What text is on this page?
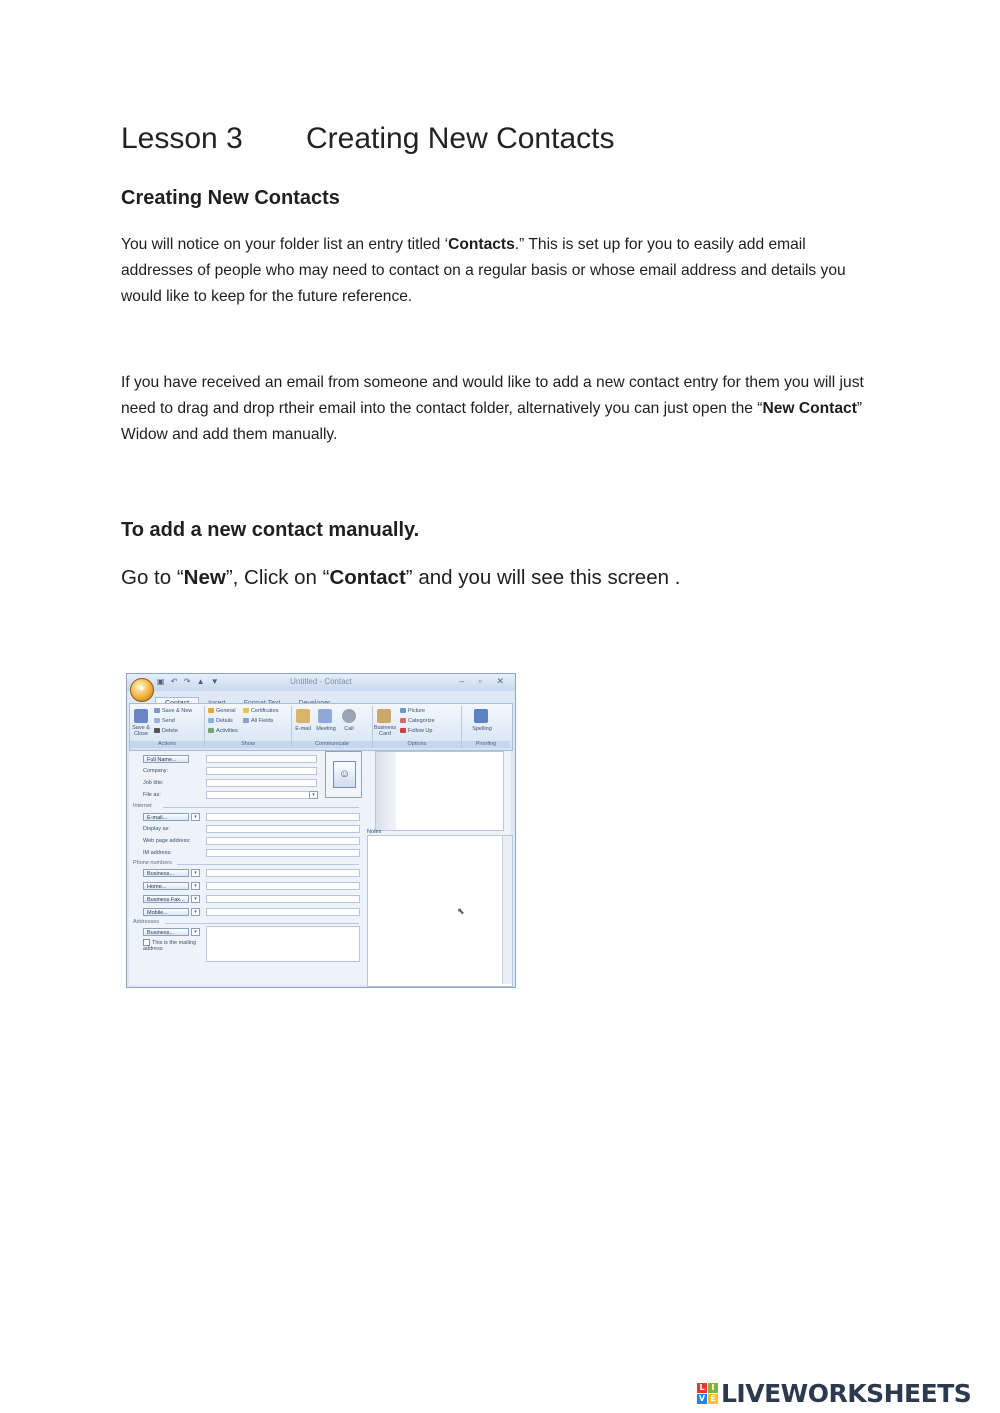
Lesson 3 Creating New Contacts
Creating New Contacts
You will notice on your folder list an entry titled ‘Contacts.” This is set up for you to easily add email addresses of people who may need to contact on a regular basis or whose email address and details you would like to keep for the future reference.
If you have received an email from someone and would like to add a new contact entry for them you will just need to drag and drop rtheir email into the contact folder, alternatively you can just open the “New Contact” Widow and add them manually.
To add a new contact manually.
Go to “New”, Click on “Contact” and you will see this screen .
✦
▣ ↶ ↷ ▲ ▼	Untitled - Contact	– ▫ ✕
Save & Close
Save & New
Send
Delete
Actions
General
Details
Activities
Certificates
All Fields
Show
E-mail Meeting	Call
Communicate
Business Card
Picture
Categorize
Follow Up
Options
Spelling
Proofing
Full Name...
Company:
Job title:
File as:	▾
☺
Internet
E-mail...	▾
Display as:
Web page address:
IM address:
Phone numbers
Business...	▾
Home...	▾
Business Fax...	▾
Mobile...	▾
Addresses
Business...	▾
This is the mailing address
Notes
⬉
L I
V E LIVEWORKSHEETS
